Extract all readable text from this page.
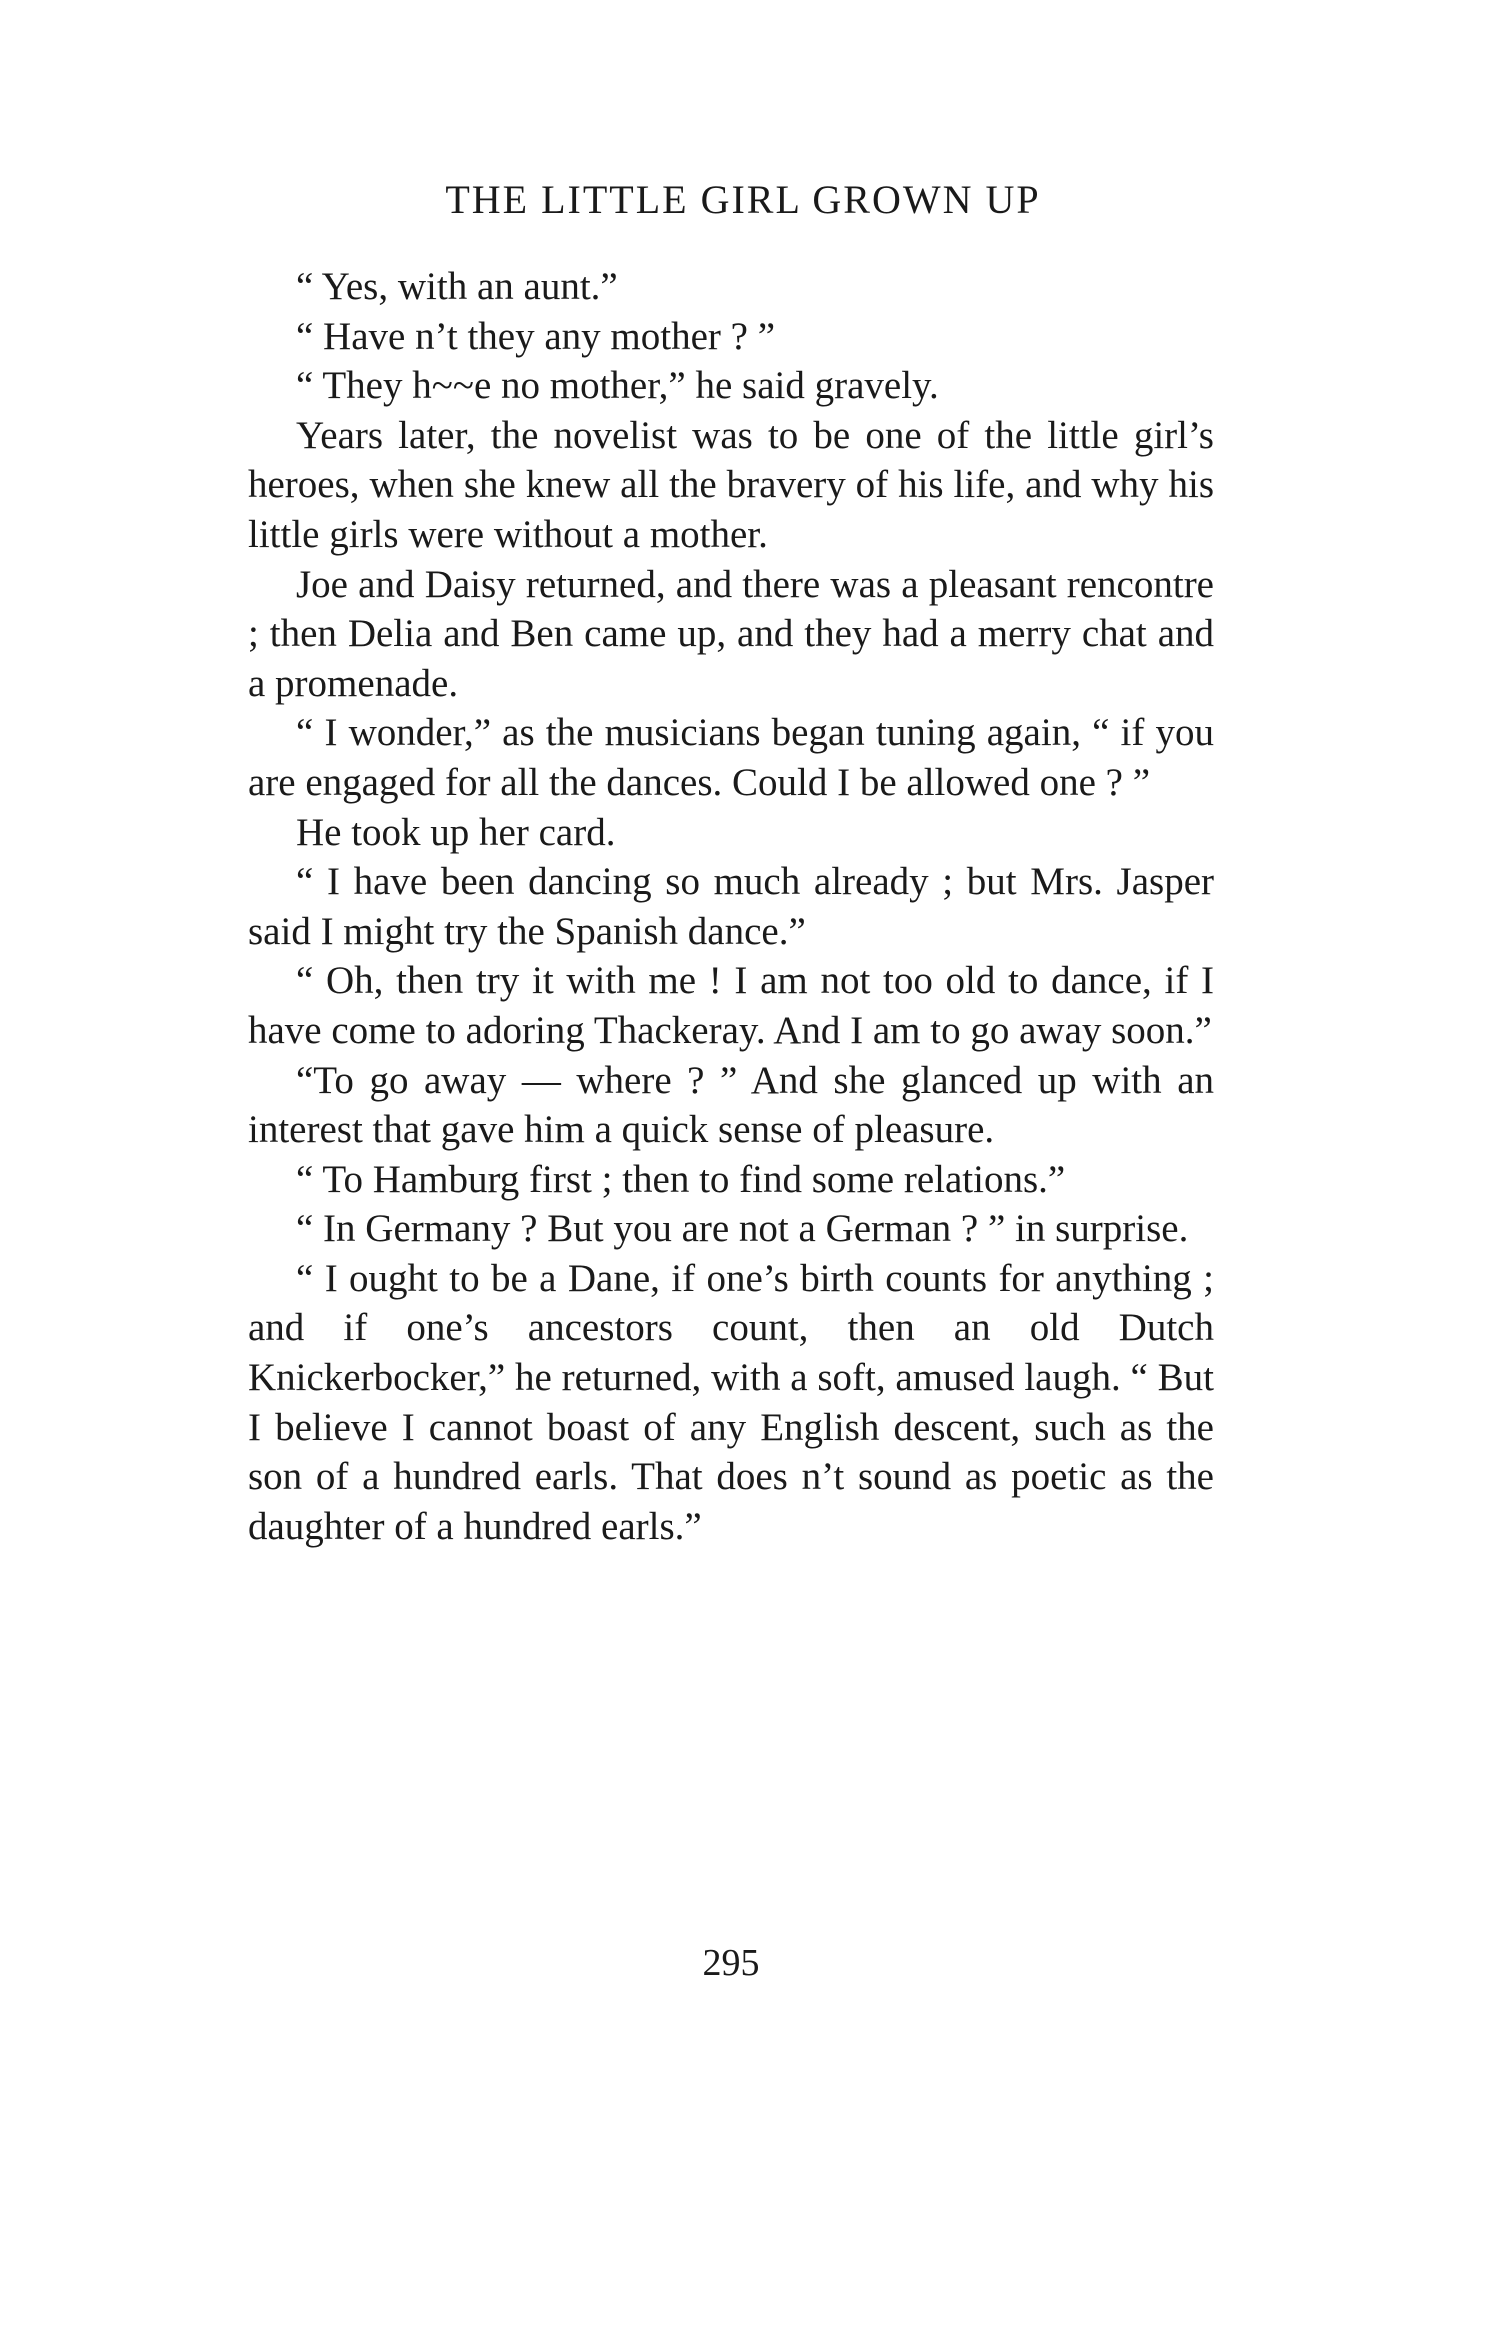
THE LITTLE GIRL GROWN UP

“ Yes, with an aunt.”

“ Have n’t they any mother ? ”

“ They h~~e no mother,” he said gravely.

Years later, the novelist was to be one of the little girl’s heroes, when she knew all the bravery of his life, and why his little girls were without a mother.

Joe and Daisy returned, and there was a pleasant rencontre ; then Delia and Ben came up, and they had a merry chat and a promenade.

“ I wonder,” as the musicians began tuning again, “ if you are engaged for all the dances. Could I be allowed one ? ”

He took up her card.

“ I have been dancing so much already ; but Mrs. Jasper said I might try the Spanish dance.”

“ Oh, then try it with me ! I am not too old to dance, if I have come to adoring Thackeray. And I am to go away soon.”

“To go away — where ? ” And she glanced up with an interest that gave him a quick sense of pleasure.

“ To Hamburg first ; then to find some relations.”

“ In Germany ? But you are not a German ? ” in surprise.

“ I ought to be a Dane, if one’s birth counts for anything ; and if one’s ancestors count, then an old Dutch Knickerbocker,” he returned, with a soft, amused laugh. “ But I believe I cannot boast of any English descent, such as the son of a hundred earls. That does n’t sound as poetic as the daughter of a hundred earls.”

295
